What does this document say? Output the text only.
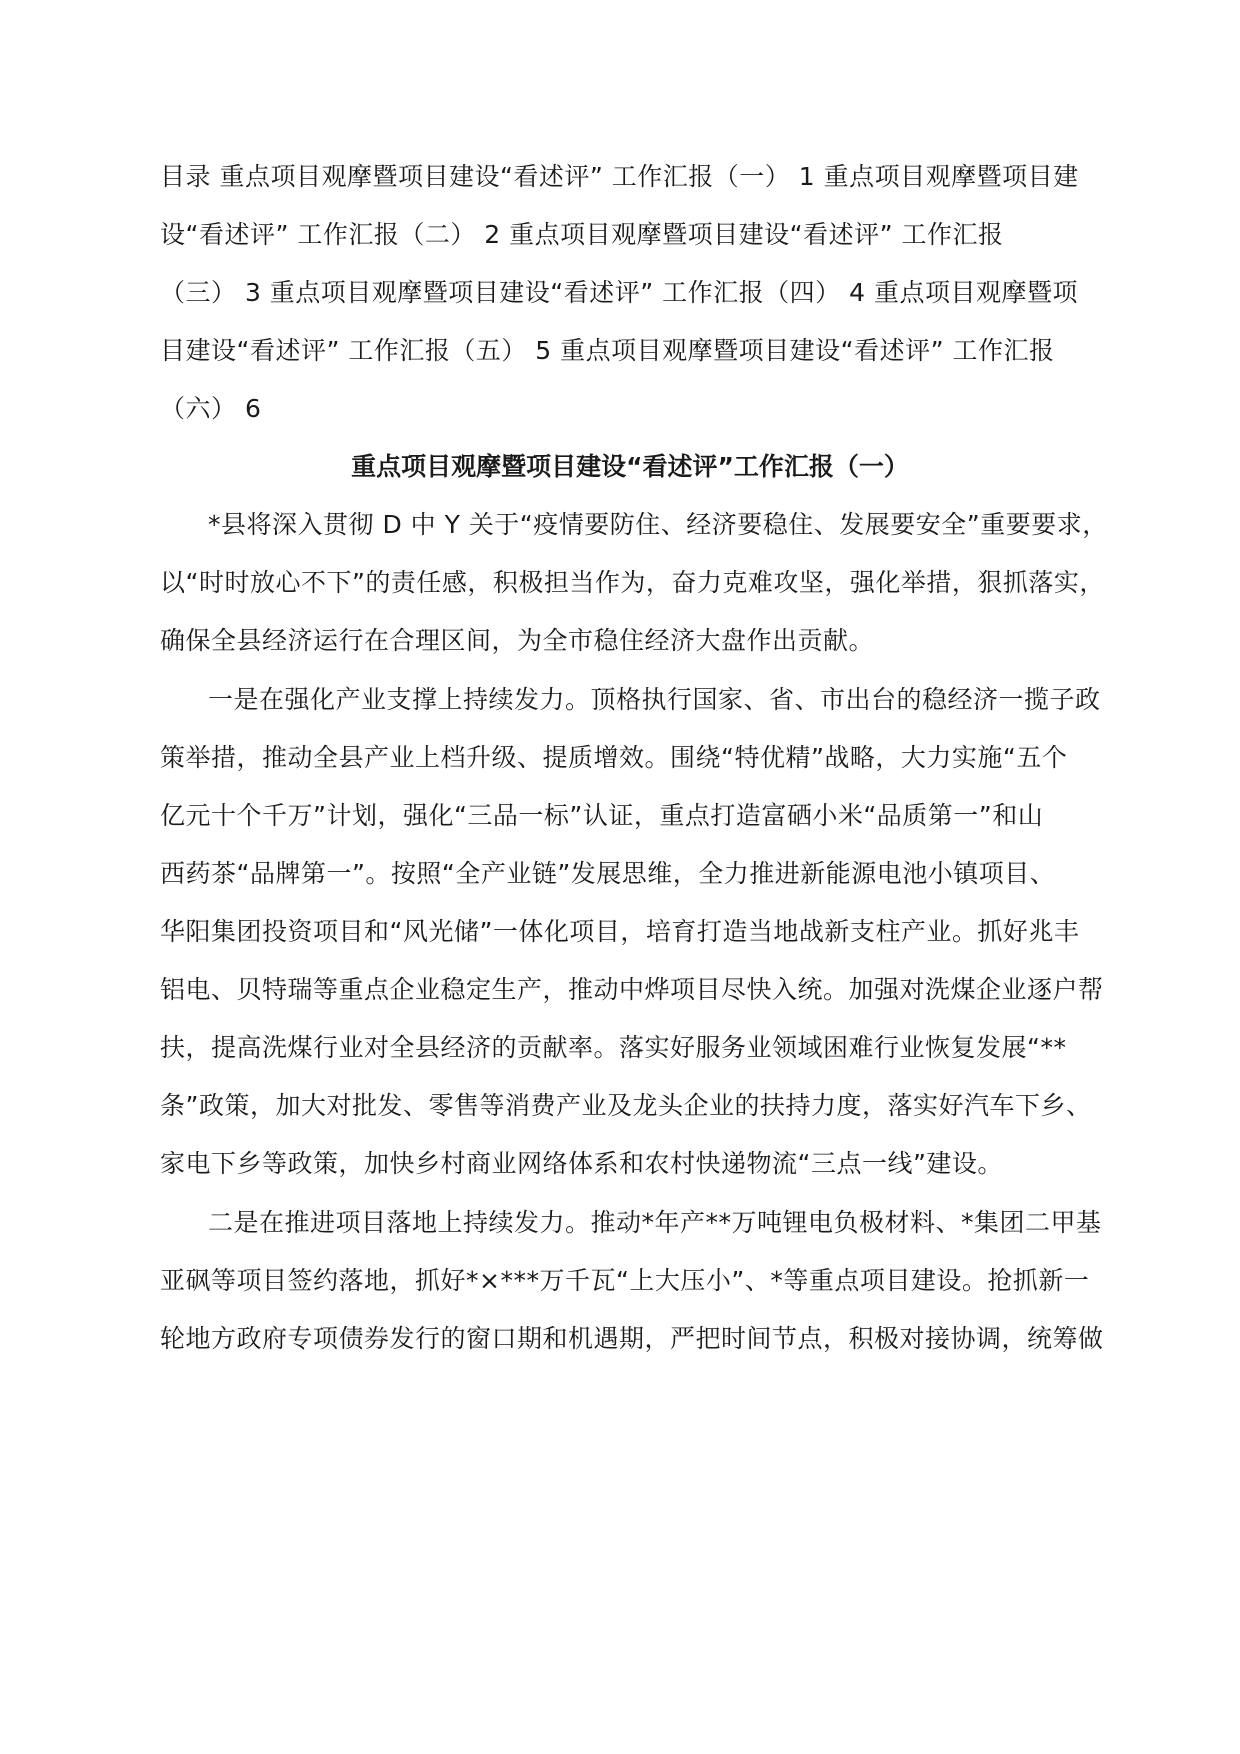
目录 重点项目观摩暨项目建设“看述评” 工作汇报（一） 1 重点项目观摩暨项目建
设“看述评” 工作汇报（二） 2 重点项目观摩暨项目建设“看述评” 工作汇报
（三） 3 重点项目观摩暨项目建设“看述评” 工作汇报（四） 4 重点项目观摩暨项
目建设“看述评” 工作汇报（五） 5 重点项目观摩暨项目建设“看述评” 工作汇报
（六） 6
重点项目观摩暨项目建设“看述评”工作汇报（一）
*县将深入贯彻 D 中 Y 关于“疫情要防住、经济要稳住、发展要安全”重要要求，
以“时时放心不下”的责任感，积极担当作为，奋力克难攻坚，强化举措，狠抓落实，
确保全县经济运行在合理区间，为全市稳住经济大盘作出贡献。
一是在强化产业支撑上持续发力。顶格执行国家、省、市出台的稳经济一揽子政
策举措，推动全县产业上档升级、提质增效。围绕“特优精”战略，大力实施“五个
亿元十个千万”计划，强化“三品一标”认证，重点打造富硒小米“品质第一”和山
西药茶“品牌第一”。按照“全产业链”发展思维，全力推进新能源电池小镇项目、
华阳集团投资项目和“风光储”一体化项目，培育打造当地战新支柱产业。抓好兆丰
铝电、贝特瑞等重点企业稳定生产，推动中烨项目尽快入统。加强对洗煤企业逐户帮
扶，提高洗煤行业对全县经济的贡献率。落实好服务业领域困难行业恢复发展“**
条”政策，加大对批发、零售等消费产业及龙头企业的扶持力度，落实好汽车下乡、
家电下乡等政策，加快乡村商业网络体系和农村快递物流“三点一线”建设。
二是在推进项目落地上持续发力。推动*年产**万吨锂电负极材料、*集团二甲基
亚砜等项目签约落地，抓好*×***万千瓦“上大压小”、*等重点项目建设。抢抓新一
轮地方政府专项债券发行的窗口期和机遇期，严把时间节点，积极对接协调，统筹做
